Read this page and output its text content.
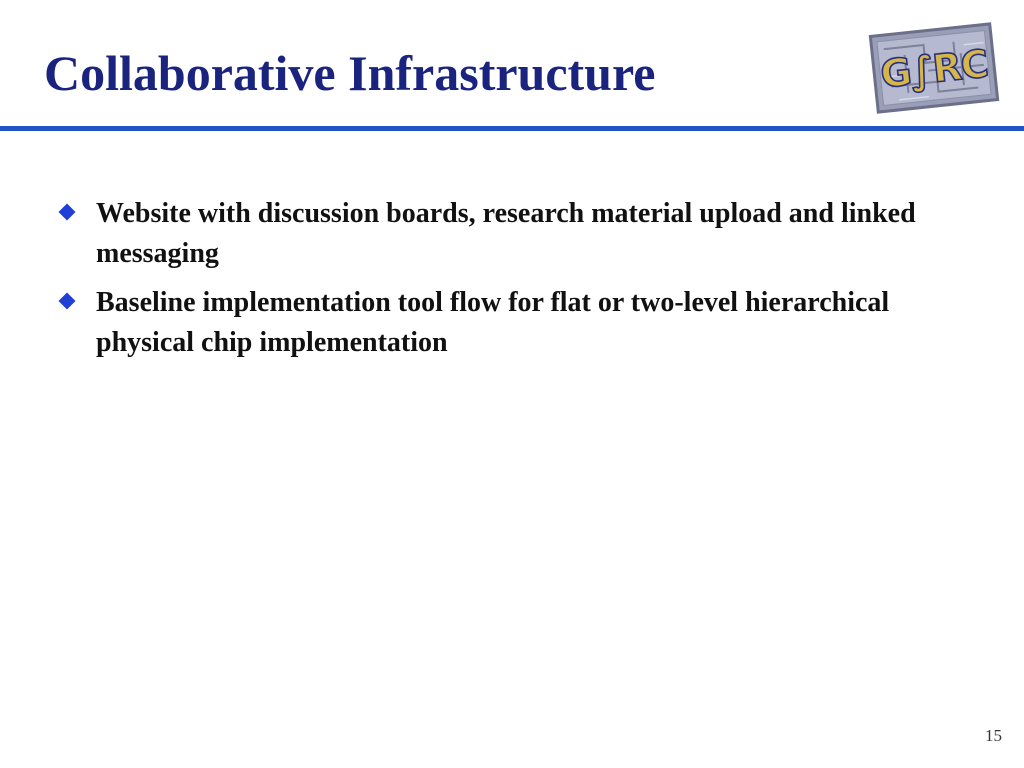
Collaborative Infrastructure	G∫RC
Website with discussion boards, research material upload and linked messaging
Baseline implementation tool flow for flat or two-level hierarchical physical chip implementation
15
